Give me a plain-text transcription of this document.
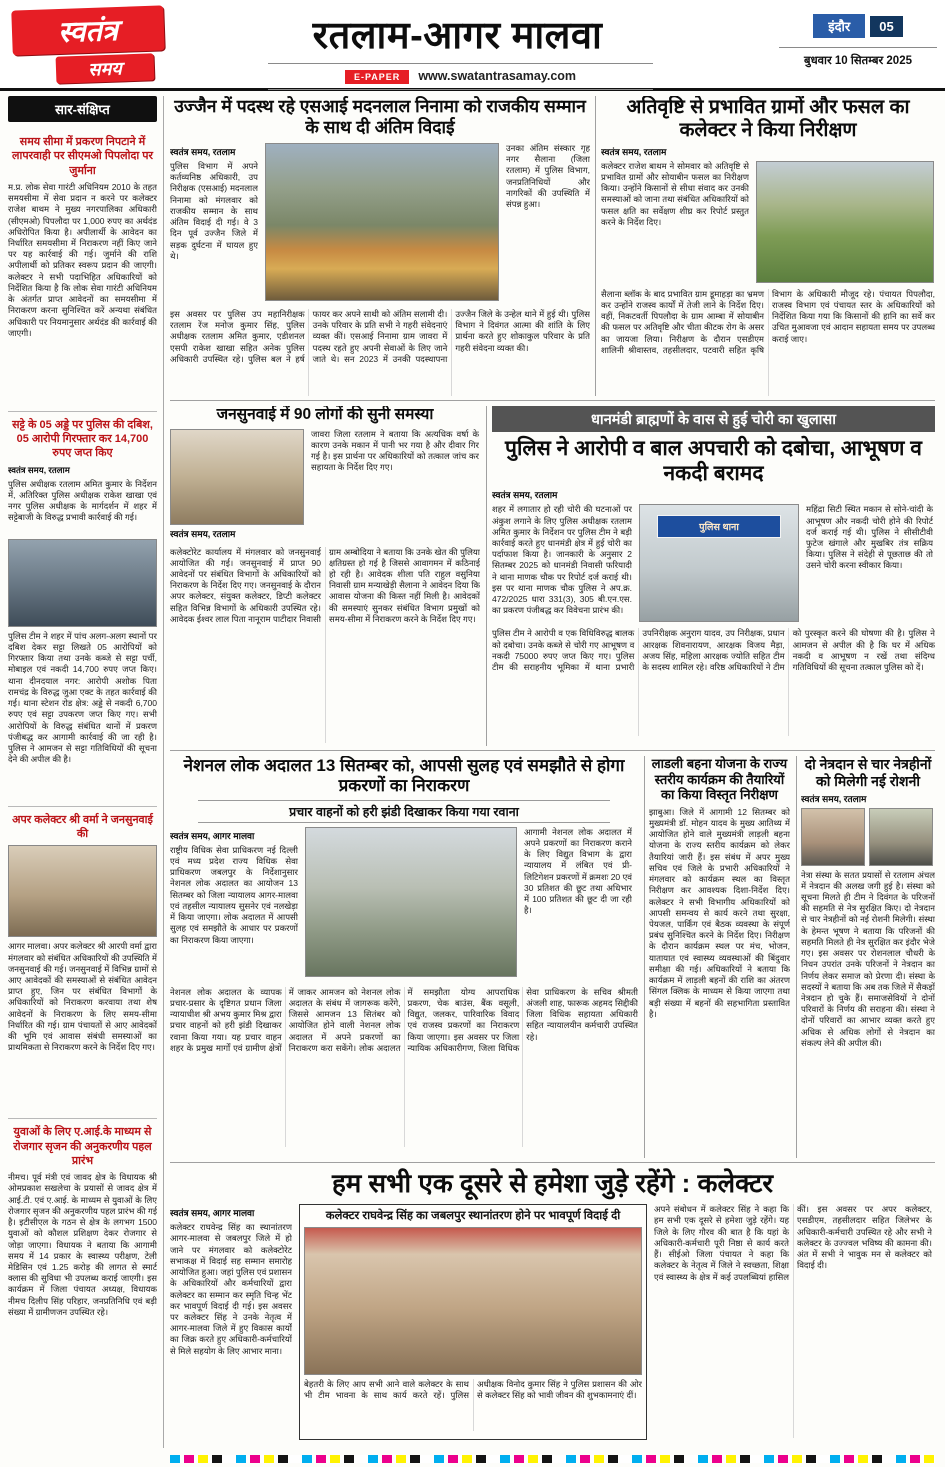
स्वतंत्र
समय
रतलाम-आगर मालवा
E-PAPER www.swatantrasamay.com
इंदौर 05
बुधवार 10 सितम्बर 2025
सार-संक्षिप्त
समय सीमा में प्रकरण निपटाने में लापरवाही पर सीएमओ पिपलोदा पर जुर्माना

म.प्र. लोक सेवा गारंटी अधिनियम 2010 के तहत समयसीमा में सेवा प्रदान न करने पर कलेक्टर राजेश बाथम ने मुख्य नगरपालिका अधिकारी (सीएमओ) पिपलौदा पर 1,000 रुपए का अर्थदंड अधिरोपित किया है। अपीलार्थी के आवेदन का निर्धारित समयसीमा में निराकरण नहीं किए जाने पर यह कार्रवाई की गई। जुर्माने की राशि अपीलार्थी को प्रतिकर स्वरूप प्रदान की जाएगी। कलेक्टर ने सभी पदाभिहित अधिकारियों को निर्देशित किया है कि लोक सेवा गारंटी अधिनियम के अंतर्गत प्राप्त आवेदनों का समयसीमा में निराकरण करना सुनिश्चित करें अन्यथा संबंधित अधिकारी पर नियमानुसार अर्थदंड की कार्रवाई की जाएगी।

सट्टे के 05 अड्डे पर पुलिस की दबिश, 05 आरोपी गिरफ्तार कर 14,700 रुपए जप्त किए
स्वतंत्र समय, रतलाम

पुलिस अधीक्षक रतलाम अमित कुमार के निर्देशन में, अतिरिक्त पुलिस अधीक्षक राकेश खाखा एवं नगर पुलिस अधीक्षक के मार्गदर्शन में शहर में सट्टेबाजी के विरुद्ध प्रभावी कार्रवाई की गई।

पुलिस टीम ने शहर में पांच अलग-अलग स्थानों पर दबिश देकर सट्टा लिखते 05 आरोपियों को गिरफ्तार किया तथा उनके कब्जे से सट्टा पर्ची, मोबाइल एवं नकदी 14,700 रुपए जप्त किए। थाना दीनदयाल नगर: आरोपी अशोक पिता रामचंद्र के विरुद्ध जुआ एक्ट के तहत कार्रवाई की गई। थाना स्टेशन रोड क्षेत्र: अड्डे से नकदी 6,700 रुपए एवं सट्टा उपकरण जप्त किए गए। सभी आरोपियों के विरुद्ध संबंधित थानों में प्रकरण पंजीबद्ध कर आगामी कार्रवाई की जा रही है। पुलिस ने आमजन से सट्टा गतिविधियों की सूचना देने की अपील की है।

अपर कलेक्टर श्री वर्मा ने जनसुनवाई की

आगर मालवा। अपर कलेक्टर श्री आरपी वर्मा द्वारा मंगलवार को संबंधित अधिकारियों की उपस्थिति में जनसुनवाई की गई। जनसुनवाई में विभिन्न ग्रामों से आए आवेदकों की समस्याओं से संबंधित आवेदन प्राप्त हुए, जिन पर संबंधित विभागों के अधिकारियों को निराकरण करवाया तथा शेष आवेदनों के निराकरण के लिए समय-सीमा निर्धारित की गई। ग्राम पंचायतों से आए आवेदकों की भूमि एवं आवास संबंधी समस्याओं का प्राथमिकता से निराकरण करने के निर्देश दिए गए।

युवाओं के लिए ए.आई.के माध्यम से रोजगार सृजन की अनुकरणीय पहल प्रारंभ

नीमच। पूर्व मंत्री एवं जावद क्षेत्र के विधायक श्री ओमप्रकाश सखलेचा के प्रयासों से जावद क्षेत्र में आई.टी. एवं ए.आई. के माध्यम से युवाओं के लिए रोजगार सृजन की अनुकरणीय पहल प्रारंभ की गई है। इटीसीएल के गठन से क्षेत्र के लगभग 1500 युवाओं को कौशल प्रशिक्षण देकर रोजगार से जोड़ा जाएगा। विधायक ने बताया कि आगामी समय में 14 प्रकार के स्वास्थ्य परीक्षण, टेली मेडिसिन एवं 1.25 करोड़ की लागत से स्मार्ट क्लास की सुविधा भी उपलब्ध कराई जाएगी। इस कार्यक्रम में जिला पंचायत अध्यक्ष, विधायक नीमच दिलीप सिंह परिहार, जनप्रतिनिधि एवं बड़ी संख्या में ग्रामीणजन उपस्थित रहे।

उज्जैन में पदस्थ रहे एसआई मदनलाल निनामा को राजकीय सम्मान के साथ दी अंतिम विदाई
स्वतंत्र समय, रतलाम

पुलिस विभाग में अपने कर्तव्यनिष्ठ अधिकारी, उप निरीक्षक (एसआई) मदनलाल निनामा को मंगलवार को राजकीय सम्मान के साथ अंतिम विदाई दी गई। वे 3 दिन पूर्व उज्जैन जिले में सड़क दुर्घटना में घायल हुए थे।

उनका अंतिम संस्कार गृह नगर सैलाना (जिला रतलाम) में पुलिस विभाग, जनप्रतिनिधियों और नागरिकों की उपस्थिति में संपन्न हुआ।

इस अवसर पर पुलिस उप महानिरीक्षक रतलाम रेंज मनोज कुमार सिंह, पुलिस अधीक्षक रतलाम अमित कुमार, एडीशनल एसपी राकेश खाखा सहित अनेक पुलिस अधिकारी उपस्थित रहे। पुलिस बल ने हर्ष फायर कर अपने साथी को अंतिम सलामी दी। उनके परिवार के प्रति सभी ने गहरी संवेदनाएं व्यक्त कीं। एसआई निनामा ग्राम जावरा में पदस्थ रहते हुए अपनी सेवाओं के लिए जाने जाते थे। सन 2023 में उनकी पदस्थापना उज्जैन जिले के उन्हेल थाने में हुई थी। पुलिस विभाग ने दिवंगत आत्मा की शांति के लिए प्रार्थना करते हुए शोकाकुल परिवार के प्रति गहरी संवेदना व्यक्त की।

अतिवृष्टि से प्रभावित ग्रामों और फसल का कलेक्टर ने किया निरीक्षण
स्वतंत्र समय, रतलाम

कलेक्टर राजेश बाथम ने सोमवार को अतिवृष्टि से प्रभावित ग्रामों और सोयाबीन फसल का निरीक्षण किया। उन्होंने किसानों से सीधा संवाद कर उनकी समस्याओं को जाना तथा संबंधित अधिकारियों को फसल क्षति का सर्वेक्षण शीघ्र कर रिपोर्ट प्रस्तुत करने के निर्देश दिए।

सैलाना ब्लॉक के बाद प्रभावित ग्राम डूमाहड़ा का भ्रमण कर उन्होंने राजस्व कार्यों में तेजी लाने के निर्देश दिए। वहीं, निकटवर्ती पिपलौदा के ग्राम आम्बा में सोयाबीन की फसल पर अतिवृष्टि और चीता कीटक रोग के असर का जायजा लिया। निरीक्षण के दौरान एसडीएम शालिनी श्रीवास्तव, तहसीलदार, पटवारी सहित कृषि विभाग के अधिकारी मौजूद रहे। पंचायत पिपलौदा, राजस्व विभाग एवं पंचायत स्तर के अधिकारियों को निर्देशित किया गया कि किसानों की हानि का सर्वे कर उचित मुआवजा एवं आदान सहायता समय पर उपलब्ध कराई जाए।

जनसुनवाई में 90 लोगों की सुनी समस्या
स्वतंत्र समय, रतलाम

जावरा जिला रतलाम ने बताया कि अत्यधिक वर्षा के कारण उनके मकान में पानी भर गया है और दीवार गिर गई है। इस प्रार्थना पर अधिकारियों को तत्काल जांच कर सहायता के निर्देश दिए गए।

कलेक्टोरेट कार्यालय में मंगलवार को जनसुनवाई आयोजित की गई। जनसुनवाई में प्राप्त 90 आवेदनों पर संबंधित विभागों के अधिकारियों को निराकरण के निर्देश दिए गए। जनसुनवाई के दौरान अपर कलेक्टर, संयुक्त कलेक्टर, डिप्टी कलेक्टर सहित विभिन्न विभागों के अधिकारी उपस्थित रहे। आवेदक ईश्वर लाल पिता नानूराम पाटीदार निवासी ग्राम अम्बोदिया ने बताया कि उनके खेत की पुलिया क्षतिग्रस्त हो गई है जिससे आवागमन में कठिनाई हो रही है। आवेदक शीला पति राहुल वसुनिया निवासी ग्राम मन्याखेड़ी सैलाना ने आवेदन दिया कि आवास योजना की किस्त नहीं मिली है। आवेदकों की समस्याएं सुनकर संबंधित विभाग प्रमुखों को समय-सीमा में निराकरण करने के निर्देश दिए गए।

धानमंडी ब्राह्मणों के वास से हुई चोरी का खुलासा
पुलिस ने आरोपी व बाल अपचारी को दबोचा, आभूषण व नकदी बरामद
स्वतंत्र समय, रतलाम

शहर में लगातार हो रही चोरी की घटनाओं पर अंकुश लगाने के लिए पुलिस अधीक्षक रतलाम अमित कुमार के निर्देशन पर पुलिस टीम ने बड़ी कार्रवाई करते हुए धानमंडी क्षेत्र में हुई चोरी का पर्दाफाश किया है। जानकारी के अनुसार 2 सितम्बर 2025 को धानमंडी निवासी फरियादी ने थाना माणक चौक पर रिपोर्ट दर्ज कराई थी। इस पर थाना माणक चौक पुलिस ने अप.क्र. 472/2025 धारा 331(3), 305 बी.एन.एस. का प्रकरण पंजीबद्ध कर विवेचना प्रारंभ की।

पुलिस थाना

महिंद्रा सिटी स्थित मकान से सोने-चांदी के आभूषण और नकदी चोरी होने की रिपोर्ट दर्ज कराई गई थी। पुलिस ने सीसीटीवी फुटेज खंगाले और मुखबिर तंत्र सक्रिय किया। पुलिस ने संदेही से पूछताछ की तो उसने चोरी करना स्वीकार किया।

पुलिस टीम ने आरोपी व एक विधिविरुद्ध बालक को दबोचा। उनके कब्जे से चोरी गए आभूषण व नकदी 75000 रुपए जप्त किए गए। पुलिस टीम की सराहनीय भूमिका में थाना प्रभारी उपनिरीक्षक अनुराग यादव, उप निरीक्षक, प्रधान आरक्षक शिवनारायण, आरक्षक विजय मैड़ा, अजय सिंह, महिला आरक्षक ज्योति सहित टीम के सदस्य शामिल रहे। वरिष्ठ अधिकारियों ने टीम को पुरस्कृत करने की घोषणा की है। पुलिस ने आमजन से अपील की है कि घर में अधिक नकदी व आभूषण न रखें तथा संदिग्ध गतिविधियों की सूचना तत्काल पुलिस को दें।

नेशनल लोक अदालत 13 सितम्बर को, आपसी सुलह एवं समझौते से होगा प्रकरणों का निराकरण
प्रचार वाहनों को हरी झंडी दिखाकर किया गया रवाना
स्वतंत्र समय, आगर मालवा

राष्ट्रीय विधिक सेवा प्राधिकरण नई दिल्ली एवं मध्य प्रदेश राज्य विधिक सेवा प्राधिकरण जबलपुर के निर्देशानुसार नेशनल लोक अदालत का आयोजन 13 सितम्बर को जिला न्यायालय आगर-मालवा एवं तहसील न्यायालय सुसनेर एवं नलखेड़ा में किया जाएगा। लोक अदालत में आपसी सुलह एवं समझौते के आधार पर प्रकरणों का निराकरण किया जाएगा।

आगामी नेशनल लोक अदालत में अपने प्रकरणों का निराकरण कराने के लिए विद्युत विभाग के द्वारा न्यायालय में लंबित एवं प्री-लिटिगेशन प्रकरणों में क्रमशः 20 एवं 30 प्रतिशत की छूट तथा अधिभार में 100 प्रतिशत की छूट दी जा रही है।

नेशनल लोक अदालत के व्यापक प्रचार-प्रसार के दृष्टिगत प्रधान जिला न्यायाधीश श्री अभय कुमार मिश्र द्वारा प्रचार वाहनों को हरी झंडी दिखाकर रवाना किया गया। यह प्रचार वाहन शहर के प्रमुख मार्गों एवं ग्रामीण क्षेत्रों में जाकर आमजन को नेशनल लोक अदालत के संबंध में जागरूक करेंगे, जिससे आमजन 13 सितंबर को आयोजित होने वाली नेशनल लोक अदालत में अपने प्रकरणों का निराकरण करा सकेंगे। लोक अदालत में समझौता योग्य आपराधिक प्रकरण, चेक बाउंस, बैंक वसूली, विद्युत, जलकर, पारिवारिक विवाद एवं राजस्व प्रकरणों का निराकरण किया जाएगा। इस अवसर पर जिला न्यायिक अधिकारीगण, जिला विधिक सेवा प्राधिकरण के सचिव श्रीमती अंजली शाह, फारूक अहमद सिद्दीकी जिला विधिक सहायता अधिकारी सहित न्यायालयीन कर्मचारी उपस्थित रहे।

लाडली बहना योजना के राज्य स्तरीय कार्यक्रम की तैयारियों का किया विस्तृत निरीक्षण

झाबुआ। जिले में आगामी 12 सितम्बर को मुख्यमंत्री डॉ. मोहन यादव के मुख्य आतिथ्य में आयोजित होने वाले मुख्यमंत्री लाड़ली बहना योजना के राज्य स्तरीय कार्यक्रम को लेकर तैयारियां जारी हैं। इस संबंध में अपर मुख्य सचिव एवं जिले के प्रभारी अधिकारियों ने मंगलवार को कार्यक्रम स्थल का विस्तृत निरीक्षण कर आवश्यक दिशा-निर्देश दिए। कलेक्टर ने सभी विभागीय अधिकारियों को आपसी समन्वय से कार्य करने तथा सुरक्षा, पेयजल, पार्किंग एवं बैठक व्यवस्था के संपूर्ण प्रबंध सुनिश्चित करने के निर्देश दिए। निरीक्षण के दौरान कार्यक्रम स्थल पर मंच, भोजन, यातायात एवं स्वास्थ्य व्यवस्थाओं की बिंदुवार समीक्षा की गई। अधिकारियों ने बताया कि कार्यक्रम में लाड़ली बहनों की राशि का अंतरण सिंगल क्लिक के माध्यम से किया जाएगा तथा बड़ी संख्या में बहनों की सहभागिता प्रस्तावित है।

दो नेत्रदान से चार नेत्रहीनों को मिलेगी नई रोशनी
स्वतंत्र समय, रतलाम

नेत्रा संस्था के सतत प्रयासों से रतलाम अंचल में नेत्रदान की अलख जगी हुई है। संस्था को सूचना मिलते ही टीम ने दिवंगत के परिजनों की सहमति से नेत्र सुरक्षित किए। दो नेत्रदान से चार नेत्रहीनों को नई रोशनी मिलेगी। संस्था के हेमन्त भूषण ने बताया कि परिजनों की सहमति मिलते ही नेत्र सुरक्षित कर इंदौर भेजे गए। इस अवसर पर रोशनलाल चौधरी के निधन उपरांत उनके परिजनों ने नेत्रदान का निर्णय लेकर समाज को प्रेरणा दी। संस्था के सदस्यों ने बताया कि अब तक जिले में सैकड़ों नेत्रदान हो चुके हैं। समाजसेवियों ने दोनों परिवारों के निर्णय की सराहना की। संस्था ने दोनों परिवारों का आभार व्यक्त करते हुए अधिक से अधिक लोगों से नेत्रदान का संकल्प लेने की अपील की।

हम सभी एक दूसरे से हमेशा जुड़े रहेंगे : कलेक्टर
स्वतंत्र समय, आगर मालवा

कलेक्टर राघवेन्द्र सिंह का स्थानांतरण आगर-मालवा से जबलपुर जिले में हो जाने पर मंगलवार को कलेक्टोरेट सभाकक्ष में विदाई सह सम्मान समारोह आयोजित हुआ। जहां पुलिस एवं प्रशासन के अधिकारियों और कर्मचारियों द्वारा कलेक्टर का सम्मान कर स्मृति चिन्ह भेंट कर भावपूर्ण विदाई दी गई। इस अवसर पर कलेक्टर सिंह ने उनके नेतृत्व में आगर-मालवा जिले में हुए विकास कार्यों का जिक्र करते हुए अधिकारी-कर्मचारियों से मिले सहयोग के लिए आभार माना।

कलेक्टर राघवेन्द्र सिंह का जबलपुर स्थानांतरण होने पर भावपूर्ण विदाई दी

बेहतरी के लिए आप सभी आने वाले कलेक्टर के साथ भी टीम भावना के साथ कार्य करते रहें। पुलिस अधीक्षक विनोद कुमार सिंह ने पुलिस प्रशासन की ओर से कलेक्टर सिंह को भावी जीवन की शुभकामनाएं दीं।

अपने संबोधन में कलेक्टर सिंह ने कहा कि हम सभी एक दूसरे से हमेशा जुड़े रहेंगे। यह जिले के लिए गौरव की बात है कि यहां के अधिकारी-कर्मचारी पूरी निष्ठा से कार्य करते हैं। सीईओ जिला पंचायत ने कहा कि कलेक्टर के नेतृत्व में जिले ने स्वच्छता, शिक्षा एवं स्वास्थ्य के क्षेत्र में कई उपलब्धियां हासिल कीं। इस अवसर पर अपर कलेक्टर, एसडीएम, तहसीलदार सहित जिलेभर के अधिकारी-कर्मचारी उपस्थित रहे और सभी ने कलेक्टर के उज्ज्वल भविष्य की कामना की। अंत में सभी ने भावुक मन से कलेक्टर को विदाई दी।
